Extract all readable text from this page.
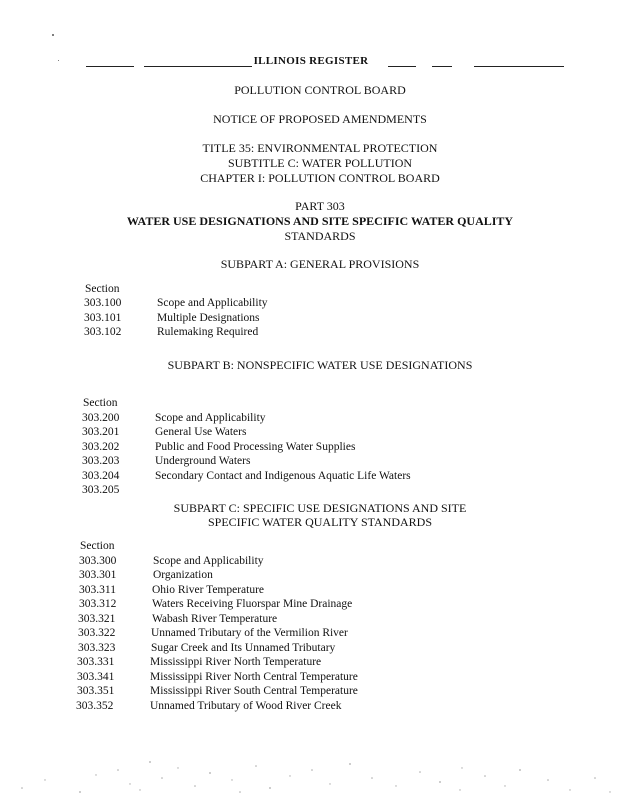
ILLINOIS REGISTER
POLLUTION CONTROL BOARD
NOTICE OF PROPOSED AMENDMENTS
TITLE 35: ENVIRONMENTAL PROTECTION
SUBTITLE C: WATER POLLUTION
CHAPTER I: POLLUTION CONTROL BOARD
PART 303
WATER USE DESIGNATIONS AND SITE SPECIFIC WATER QUALITY
STANDARDS
SUBPART A: GENERAL PROVISIONS
Section
303.100	Scope and Applicability
303.101	Multiple Designations
303.102	Rulemaking Required
SUBPART B: NONSPECIFIC WATER USE DESIGNATIONS
Section
303.200	Scope and Applicability
303.201	General Use Waters
303.202	Public and Food Processing Water Supplies
303.203	Underground Waters
303.204	Secondary Contact and Indigenous Aquatic Life Waters
303.205
SUBPART C: SPECIFIC USE DESIGNATIONS AND SITE
SPECIFIC WATER QUALITY STANDARDS
Section
303.300	Scope and Applicability
303.301	Organization
303.311	Ohio River Temperature
303.312	Waters Receiving Fluorspar Mine Drainage
303.321	Wabash River Temperature
303.322	Unnamed Tributary of the Vermilion River
303.323	Sugar Creek and Its Unnamed Tributary
303.331	Mississippi River North Temperature
303.341	Mississippi River North Central Temperature
303.351	Mississippi River South Central Temperature
303.352	Unnamed Tributary of Wood River Creek
